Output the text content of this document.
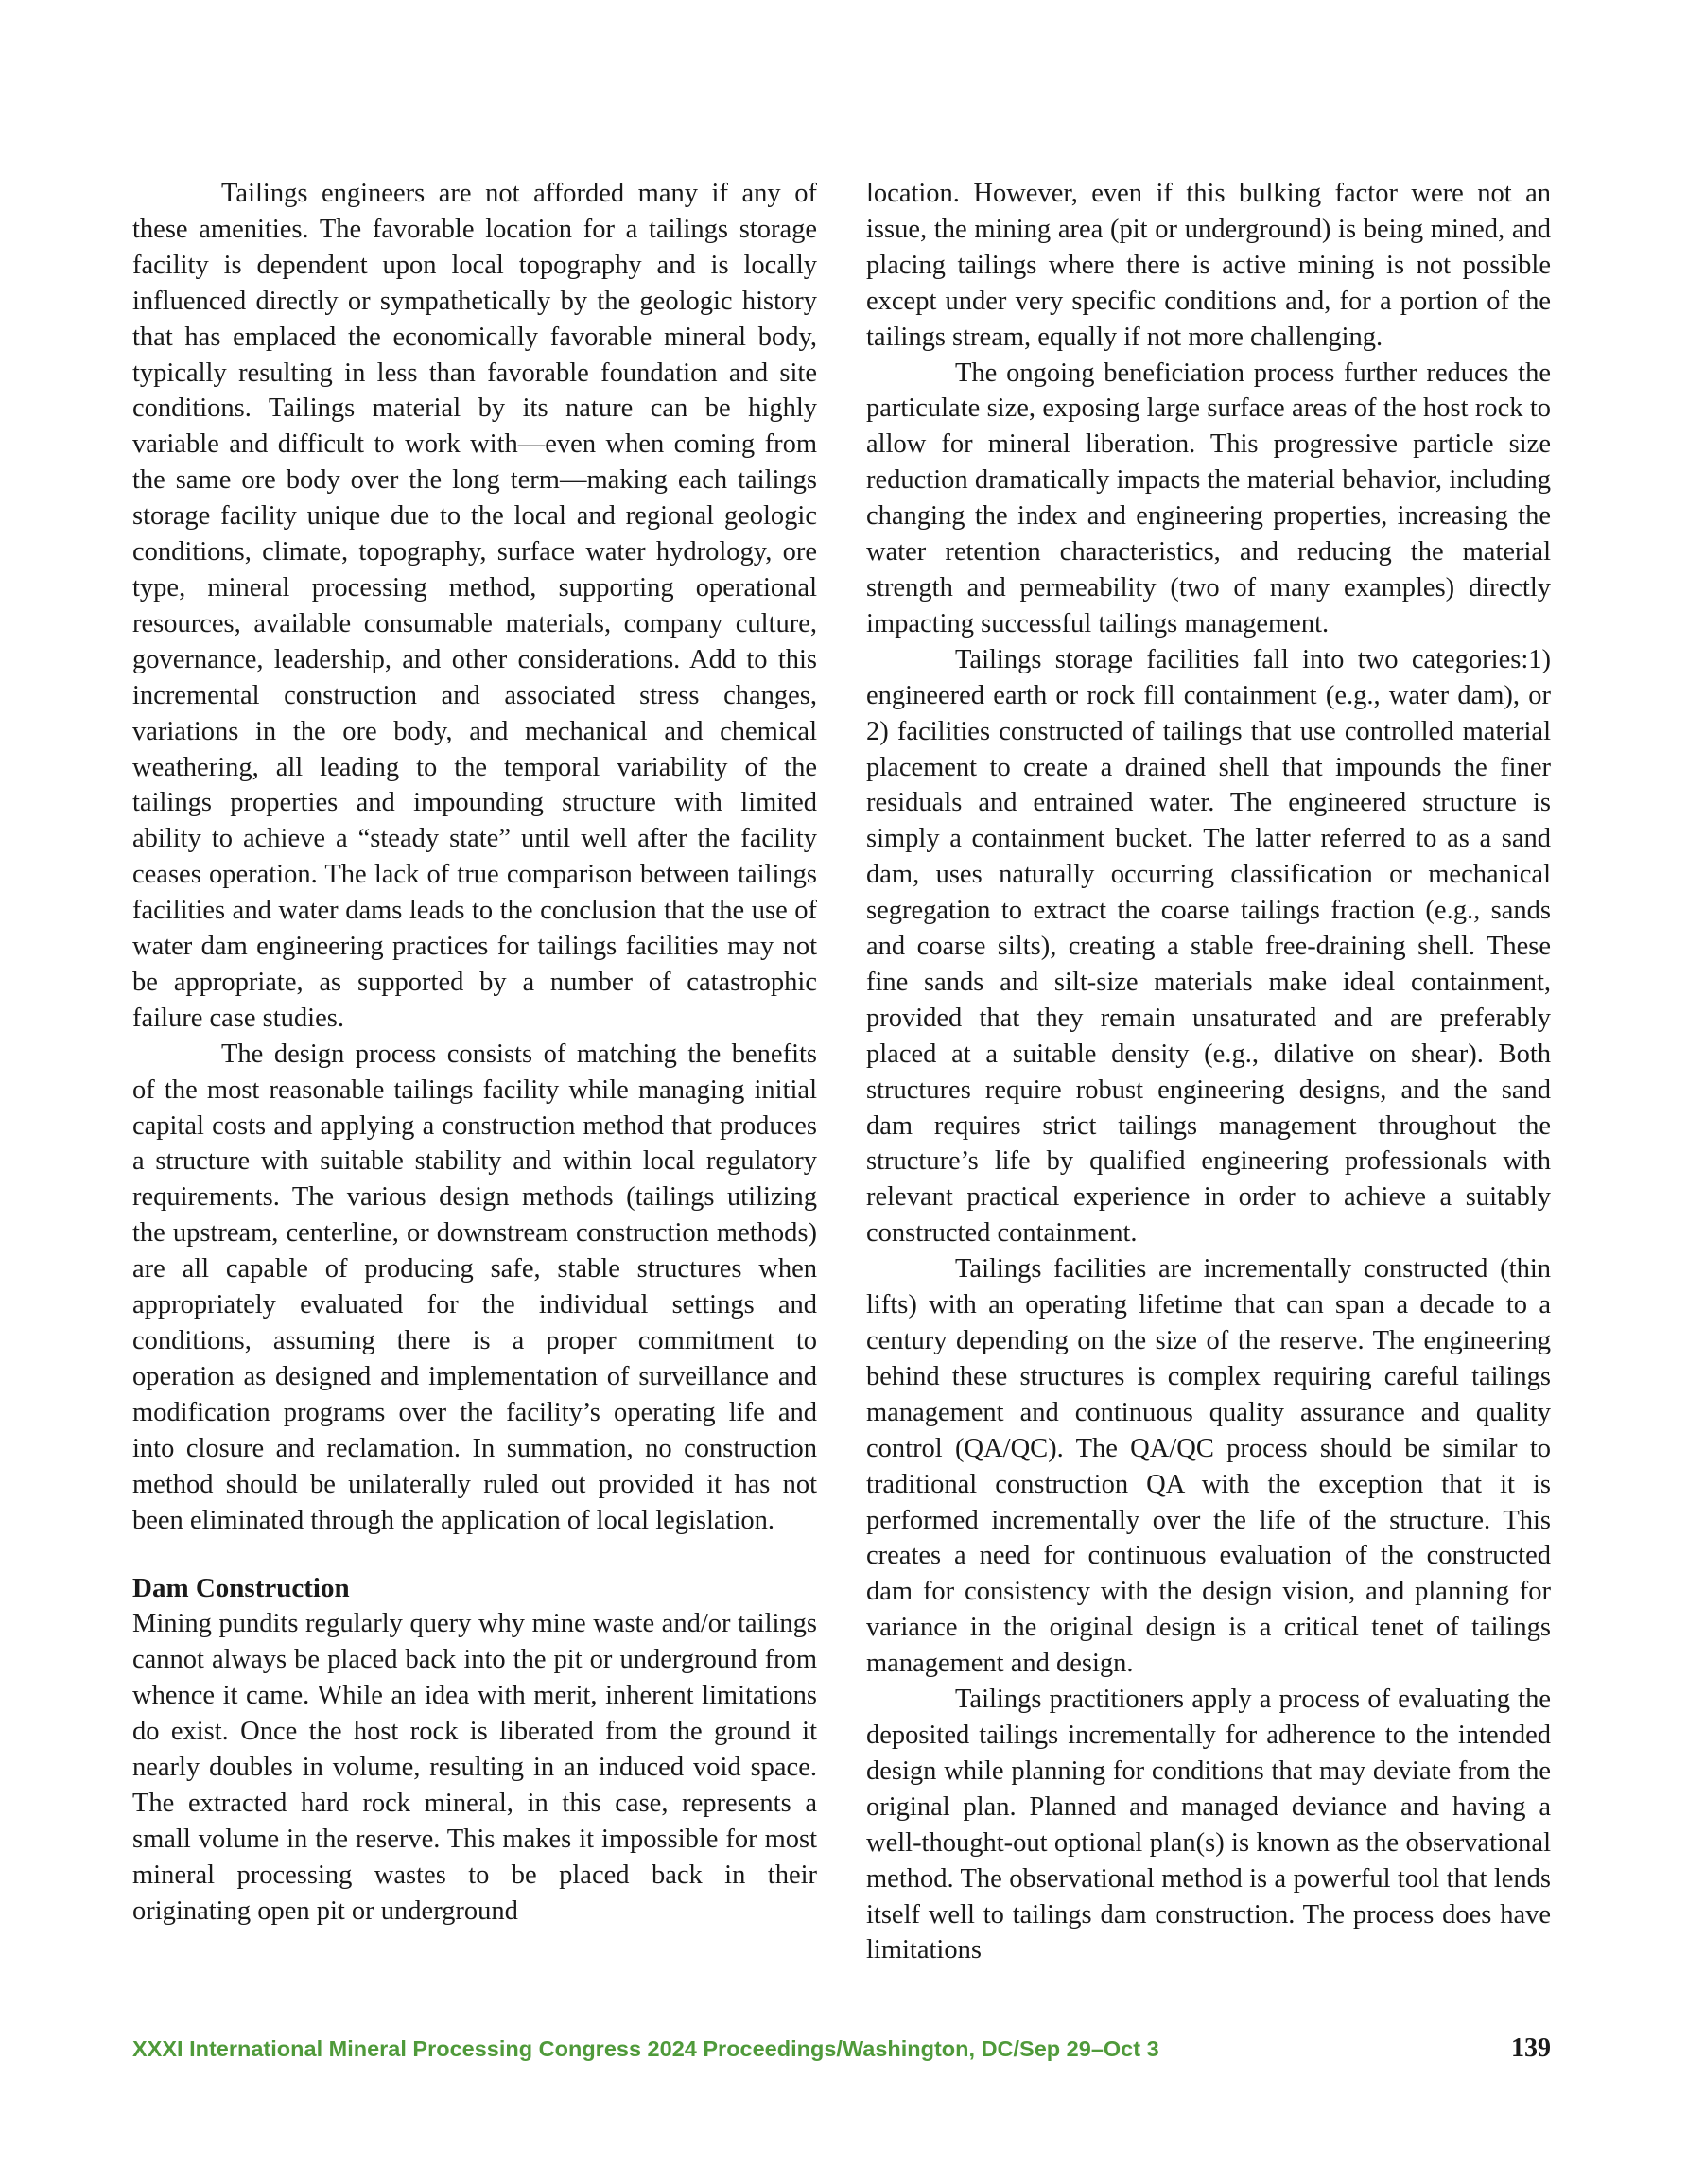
Tailings engineers are not afforded many if any of these amenities. The favorable location for a tailings storage facility is dependent upon local topography and is locally influenced directly or sympathetically by the geologic history that has emplaced the economically favorable mineral body, typically resulting in less than favorable foundation and site conditions. Tailings material by its nature can be highly variable and difficult to work with—even when coming from the same ore body over the long term—making each tailings storage facility unique due to the local and regional geologic conditions, climate, topography, surface water hydrology, ore type, mineral processing method, supporting operational resources, available consumable materials, company culture, governance, leadership, and other considerations. Add to this incremental construction and associated stress changes, variations in the ore body, and mechanical and chemical weathering, all leading to the temporal variability of the tailings properties and impounding structure with limited ability to achieve a “steady state” until well after the facility ceases operation. The lack of true comparison between tailings facilities and water dams leads to the conclusion that the use of water dam engineering practices for tailings facilities may not be appropriate, as supported by a number of catastrophic failure case studies.

The design process consists of matching the benefits of the most reasonable tailings facility while managing initial capital costs and applying a construction method that produces a structure with suitable stability and within local regulatory requirements. The various design methods (tailings utilizing the upstream, centerline, or downstream construction methods) are all capable of producing safe, stable structures when appropriately evaluated for the individual settings and conditions, assuming there is a proper commitment to operation as designed and implementation of surveillance and modification programs over the facility’s operating life and into closure and reclamation. In summation, no construction method should be unilaterally ruled out provided it has not been eliminated through the application of local legislation.

Dam Construction

Mining pundits regularly query why mine waste and/or tailings cannot always be placed back into the pit or underground from whence it came. While an idea with merit, inherent limitations do exist. Once the host rock is liberated from the ground it nearly doubles in volume, resulting in an induced void space. The extracted hard rock mineral, in this case, represents a small volume in the reserve. This makes it impossible for most mineral processing wastes to be placed back in their originating open pit or underground

location. However, even if this bulking factor were not an issue, the mining area (pit or underground) is being mined, and placing tailings where there is active mining is not possible except under very specific conditions and, for a portion of the tailings stream, equally if not more challenging.

The ongoing beneficiation process further reduces the particulate size, exposing large surface areas of the host rock to allow for mineral liberation. This progressive particle size reduction dramatically impacts the material behavior, including changing the index and engineering properties, increasing the water retention characteristics, and reducing the material strength and permeability (two of many examples) directly impacting successful tailings management.

Tailings storage facilities fall into two categories:1) engineered earth or rock fill containment (e.g., water dam), or 2) facilities constructed of tailings that use controlled material placement to create a drained shell that impounds the finer residuals and entrained water. The engineered structure is simply a containment bucket. The latter referred to as a sand dam, uses naturally occurring classification or mechanical segregation to extract the coarse tailings fraction (e.g., sands and coarse silts), creating a stable free-draining shell. These fine sands and silt-size materials make ideal containment, provided that they remain unsaturated and are preferably placed at a suitable density (e.g., dilative on shear). Both structures require robust engineering designs, and the sand dam requires strict tailings management throughout the structure’s life by qualified engineering professionals with relevant practical experience in order to achieve a suitably constructed containment.

Tailings facilities are incrementally constructed (thin lifts) with an operating lifetime that can span a decade to a century depending on the size of the reserve. The engineering behind these structures is complex requiring careful tailings management and continuous quality assurance and quality control (QA/QC). The QA/QC process should be similar to traditional construction QA with the exception that it is performed incrementally over the life of the structure. This creates a need for continuous evaluation of the constructed dam for consistency with the design vision, and planning for variance in the original design is a critical tenet of tailings management and design.

Tailings practitioners apply a process of evaluating the deposited tailings incrementally for adherence to the intended design while planning for conditions that may deviate from the original plan. Planned and managed deviance and having a well-thought-out optional plan(s) is known as the observational method. The observational method is a powerful tool that lends itself well to tailings dam construction. The process does have limitations

XXXI International Mineral Processing Congress 2024 Proceedings/Washington, DC/Sep 29–Oct 3	139
